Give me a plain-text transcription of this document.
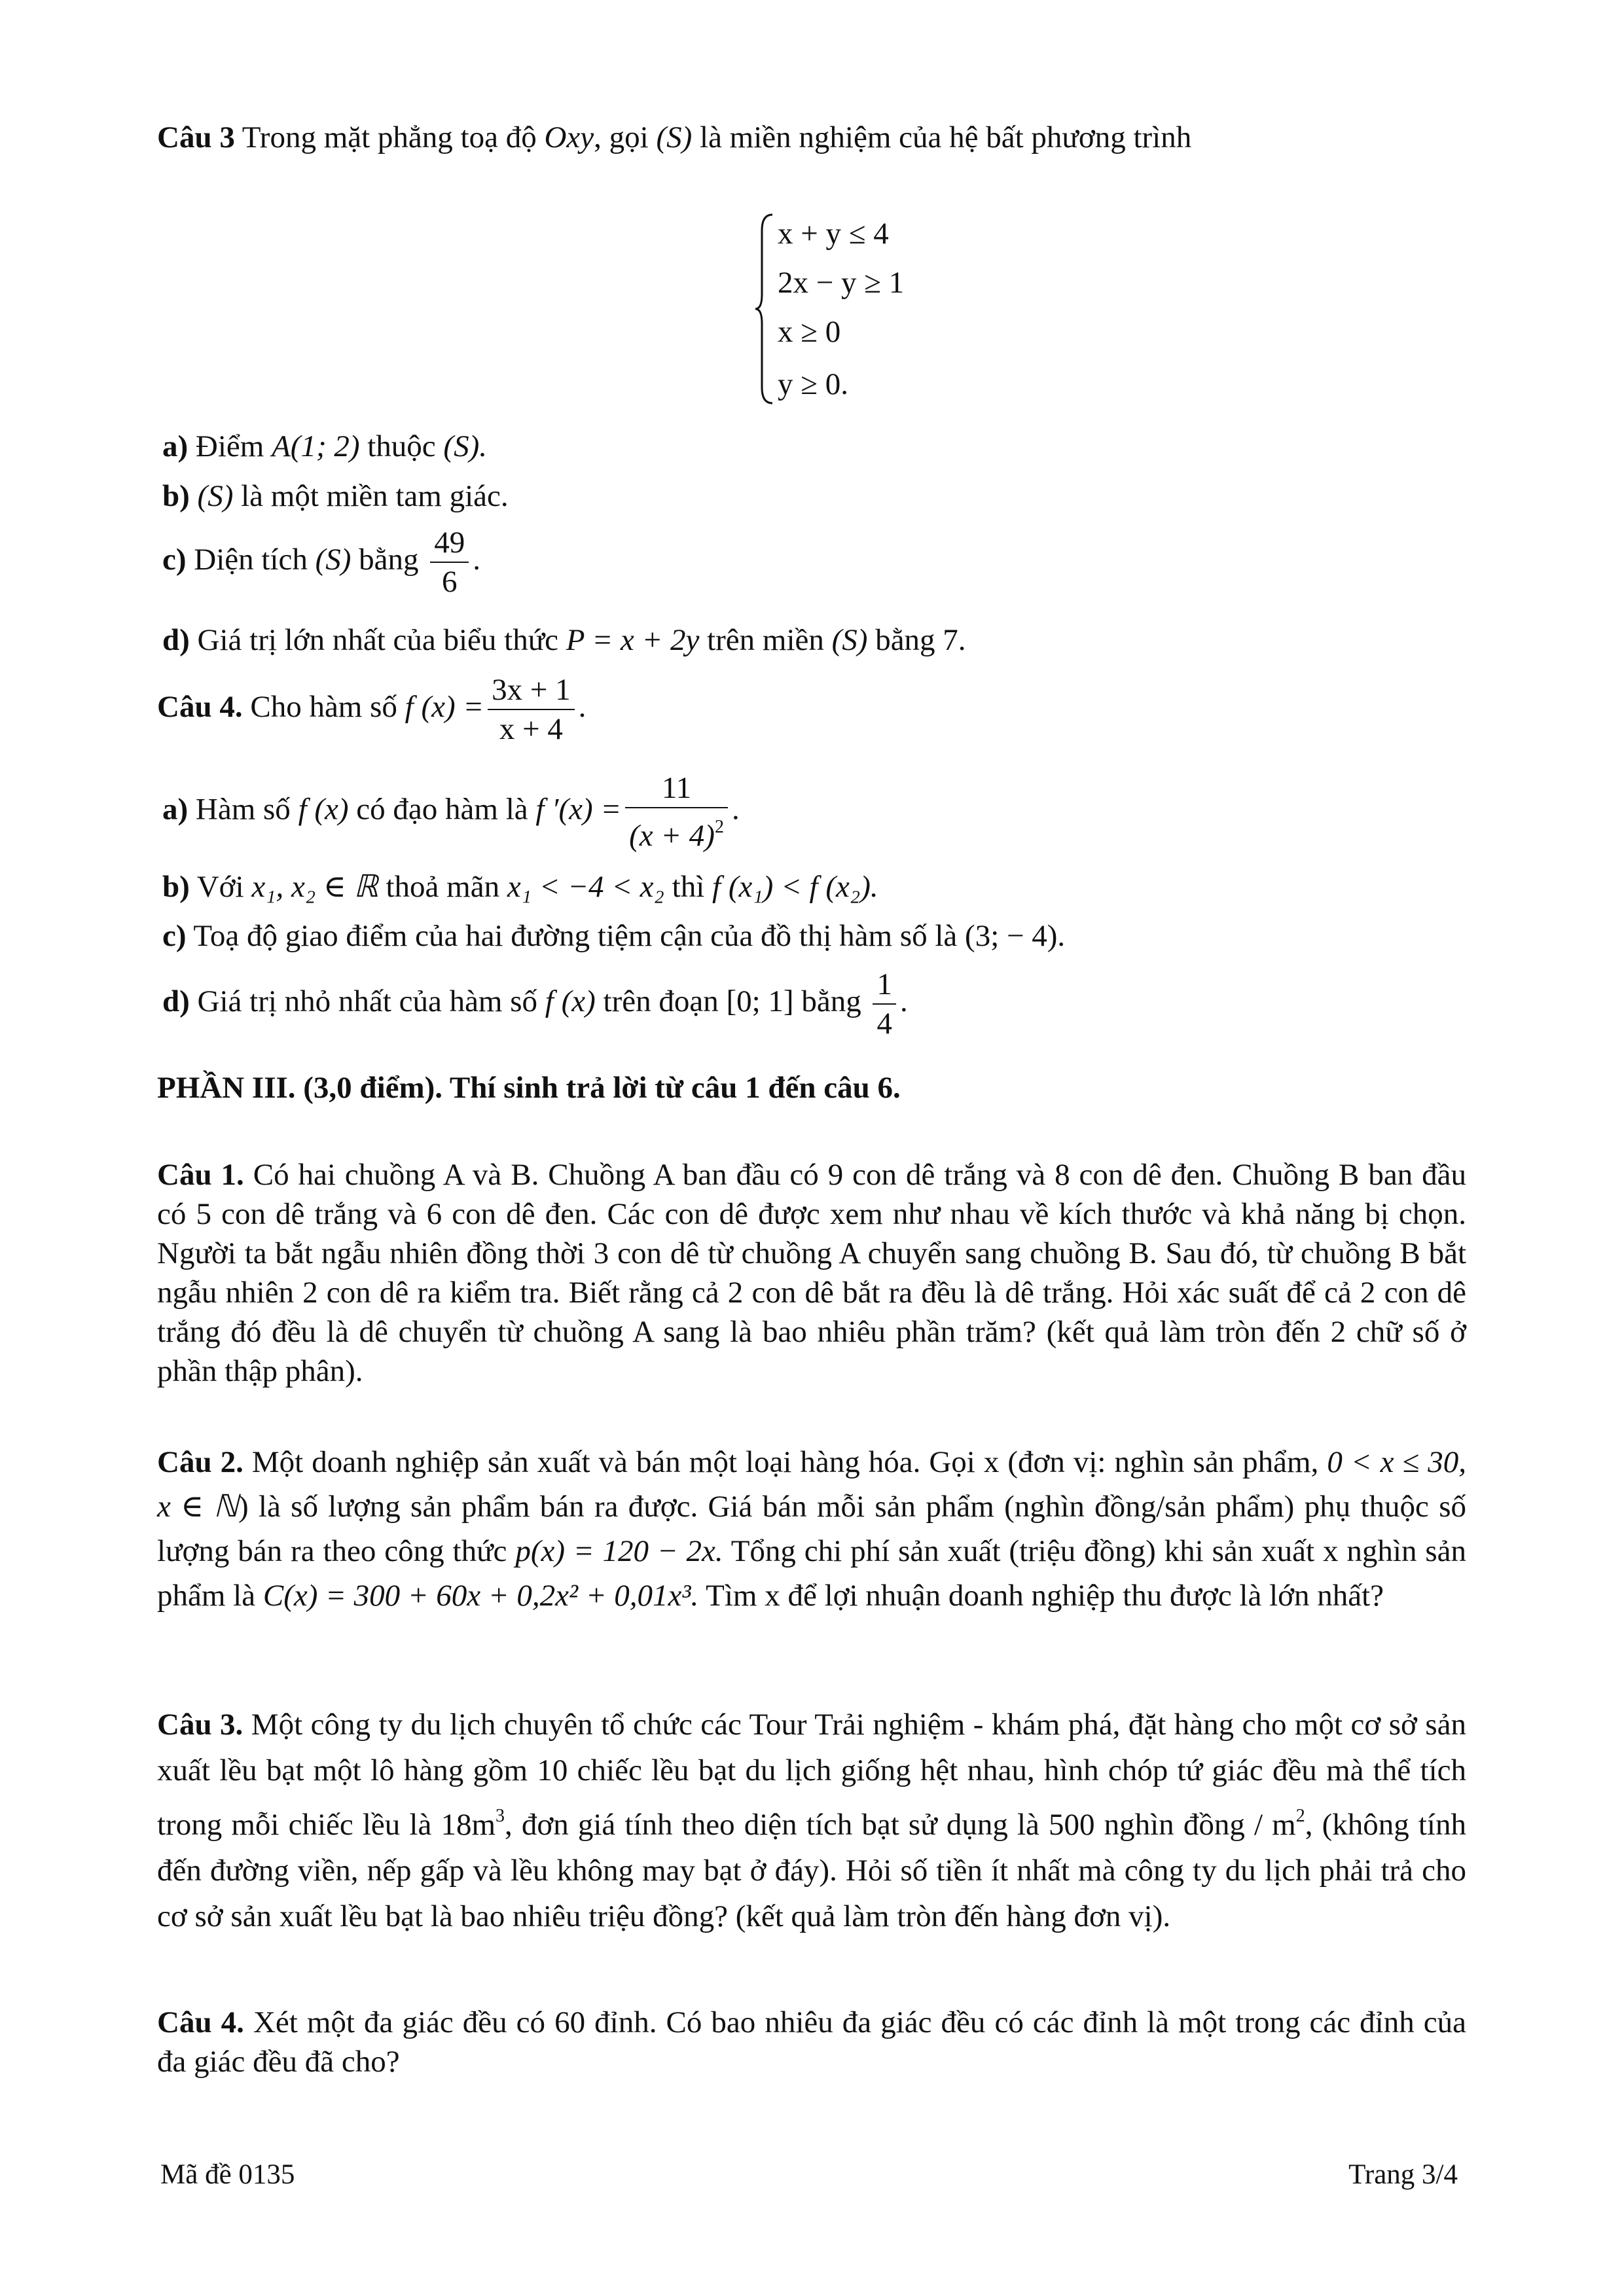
Câu 3 Trong mặt phẳng toạ độ Oxy, gọi (S) là miền nghiệm của hệ bất phương trình
x + y ≤ 4
2x − y ≥ 1
x ≥ 0
y ≥ 0.
a) Điểm A(1; 2) thuộc (S).
b) (S) là một miền tam giác.
c) Diện tích (S) bằng $\frac{49}{6}$ .
d) Giá trị lớn nhất của biểu thức P = x + 2y trên miền (S) bằng 7.
Câu 4. Cho hàm số f $(x) = \frac{3x + 1}{x + 4}$ .
a) Hàm số f (x) có đạo hàm là f $'(x) = \frac{11}{(x + 4)^2}$ .
b) Với x₁, x₂ ∈ ℝ thoả mãn x₁ < −4 < x₂ thì f (x₁) < f (x₂).
c) Toạ độ giao điểm của hai đường tiệm cận của đồ thị hàm số là (3; − 4).
d) Giá trị nhỏ nhất của hàm số f (x) trên đoạn [0; 1] bằng $\frac{1}{4}$ .
PHẦN III. (3,0 điểm). Thí sinh trả lời từ câu 1 đến câu 6.
Câu 1. Có hai chuồng A và B. Chuồng A ban đầu có 9 con dê trắng và 8 con dê đen. Chuồng B ban đầu có 5 con dê trắng và 6 con dê đen. Các con dê được xem như nhau về kích thước và khả năng bị chọn. Người ta bắt ngẫu nhiên đồng thời 3 con dê từ chuồng A chuyển sang chuồng B. Sau đó, từ chuồng B bắt ngẫu nhiên 2 con dê ra kiểm tra. Biết rằng cả 2 con dê bắt ra đều là dê trắng. Hỏi xác suất để cả 2 con dê trắng đó đều là dê chuyển từ chuồng A sang là bao nhiêu phần trăm? (kết quả làm tròn đến 2 chữ số ở phần thập phân).
Câu 2. Một doanh nghiệp sản xuất và bán một loại hàng hóa. Gọi x (đơn vị: nghìn sản phẩm, 0 < x ≤ 30, x ∈ ℕ) là số lượng sản phẩm bán ra được. Giá bán mỗi sản phẩm (nghìn đồng/sản phẩm) phụ thuộc số lượng bán ra theo công thức p(x) = 120 − 2x. Tổng chi phí sản xuất (triệu đồng) khi sản xuất x nghìn sản phẩm là C(x) = 300 + 60x + 0,2x² + 0,01x³. Tìm x để lợi nhuận doanh nghiệp thu được là lớn nhất?
Câu 3. Một công ty du lịch chuyên tổ chức các Tour Trải nghiệm - khám phá, đặt hàng cho một cơ sở sản xuất lều bạt một lô hàng gồm 10 chiếc lều bạt du lịch giống hệt nhau, hình chóp tứ giác đều mà thể tích trong mỗi chiếc lều là $18m^3$, đơn giá tính theo diện tích bạt sử dụng là 500 nghìn đồng / $m^2$, (không tính đến đường viền, nếp gấp và lều không may bạt ở đáy). Hỏi số tiền ít nhất mà công ty du lịch phải trả cho cơ sở sản xuất lều bạt là bao nhiêu triệu đồng? (kết quả làm tròn đến hàng đơn vị).
Câu 4. Xét một đa giác đều có 60 đỉnh. Có bao nhiêu đa giác đều có các đỉnh là một trong các đỉnh của đa giác đều đã cho?
Mã đề 0135	Trang 3/4
